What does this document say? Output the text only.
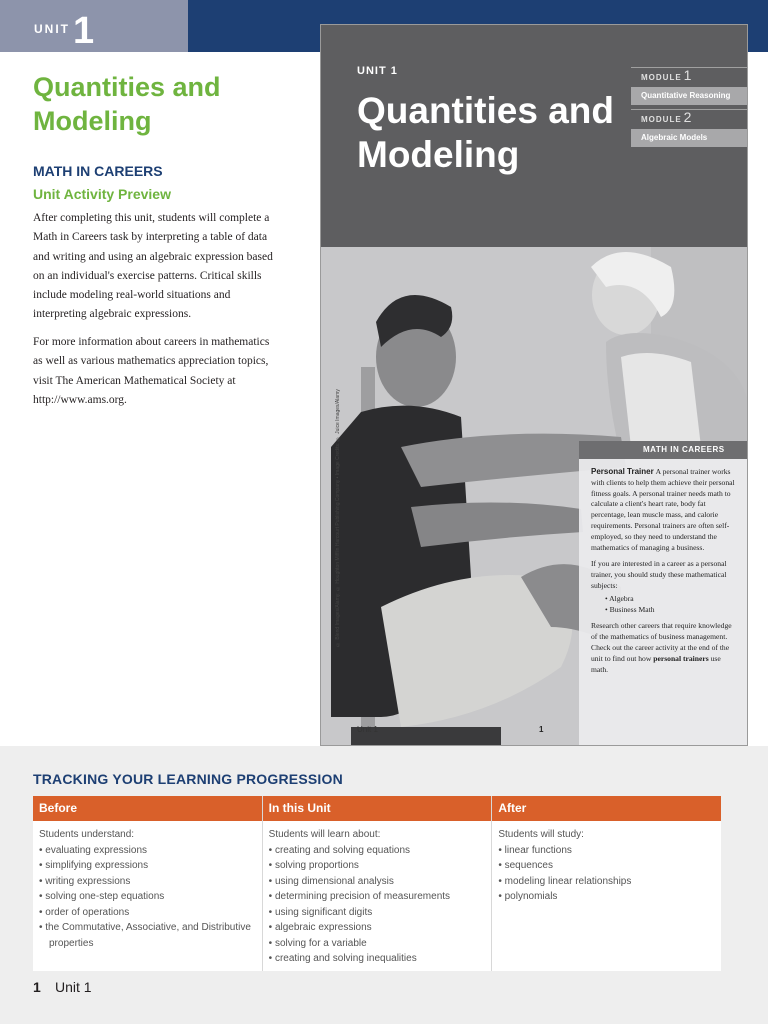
UNIT 1
Quantities and Modeling
MATH IN CAREERS
Unit Activity Preview

After completing this unit, students will complete a Math in Careers task by interpreting a table of data and writing and using an algebraic expression based on an individual's exercise patterns. Critical skills include modeling real-world situations and interpreting algebraic expressions.

For more information about careers in mathematics as well as various mathematics appreciation topics, visit The American Mathematical Society at http://www.ams.org.

UNIT 1
Quantities and Modeling
MODULE 1
Quantitative Reasoning
MODULE 2
Algebraic Models
© Blend Images/Alamy; © Houghton Mifflin Harcourt Publishing Company • Image Credits: © Juice Images/Alamy	MATH IN CAREERS

Personal Trainer A personal trainer works with clients to help them achieve their personal fitness goals. A personal trainer needs math to calculate a client's heart rate, body fat percentage, lean muscle mass, and calorie requirements. Personal trainers are often self-employed, so they need to understand the mathematics of managing a business.

If you are interested in a career as a personal trainer, you should study these mathematical subjects:

• Algebra
• Business Math

Research other careers that require knowledge of the mathematics of business management. Check out the career activity at the end of the unit to find out how personal trainers use math.

Unit 1	1
TRACKING YOUR LEARNING PROGRESSION
Before
Students understand:
• evaluating expressions
• simplifying expressions
• writing expressions
• solving one-step equations
• order of operations
• the Commutative, Associative, and Distributive properties
In this Unit
Students will learn about:
• creating and solving equations
• solving proportions
• using dimensional analysis
• determining precision of measurements
• using significant digits
• algebraic expressions
• solving for a variable
• creating and solving inequalities
After
Students will study:
• linear functions
• sequences
• modeling linear relationships
• polynomials
1 Unit 1
